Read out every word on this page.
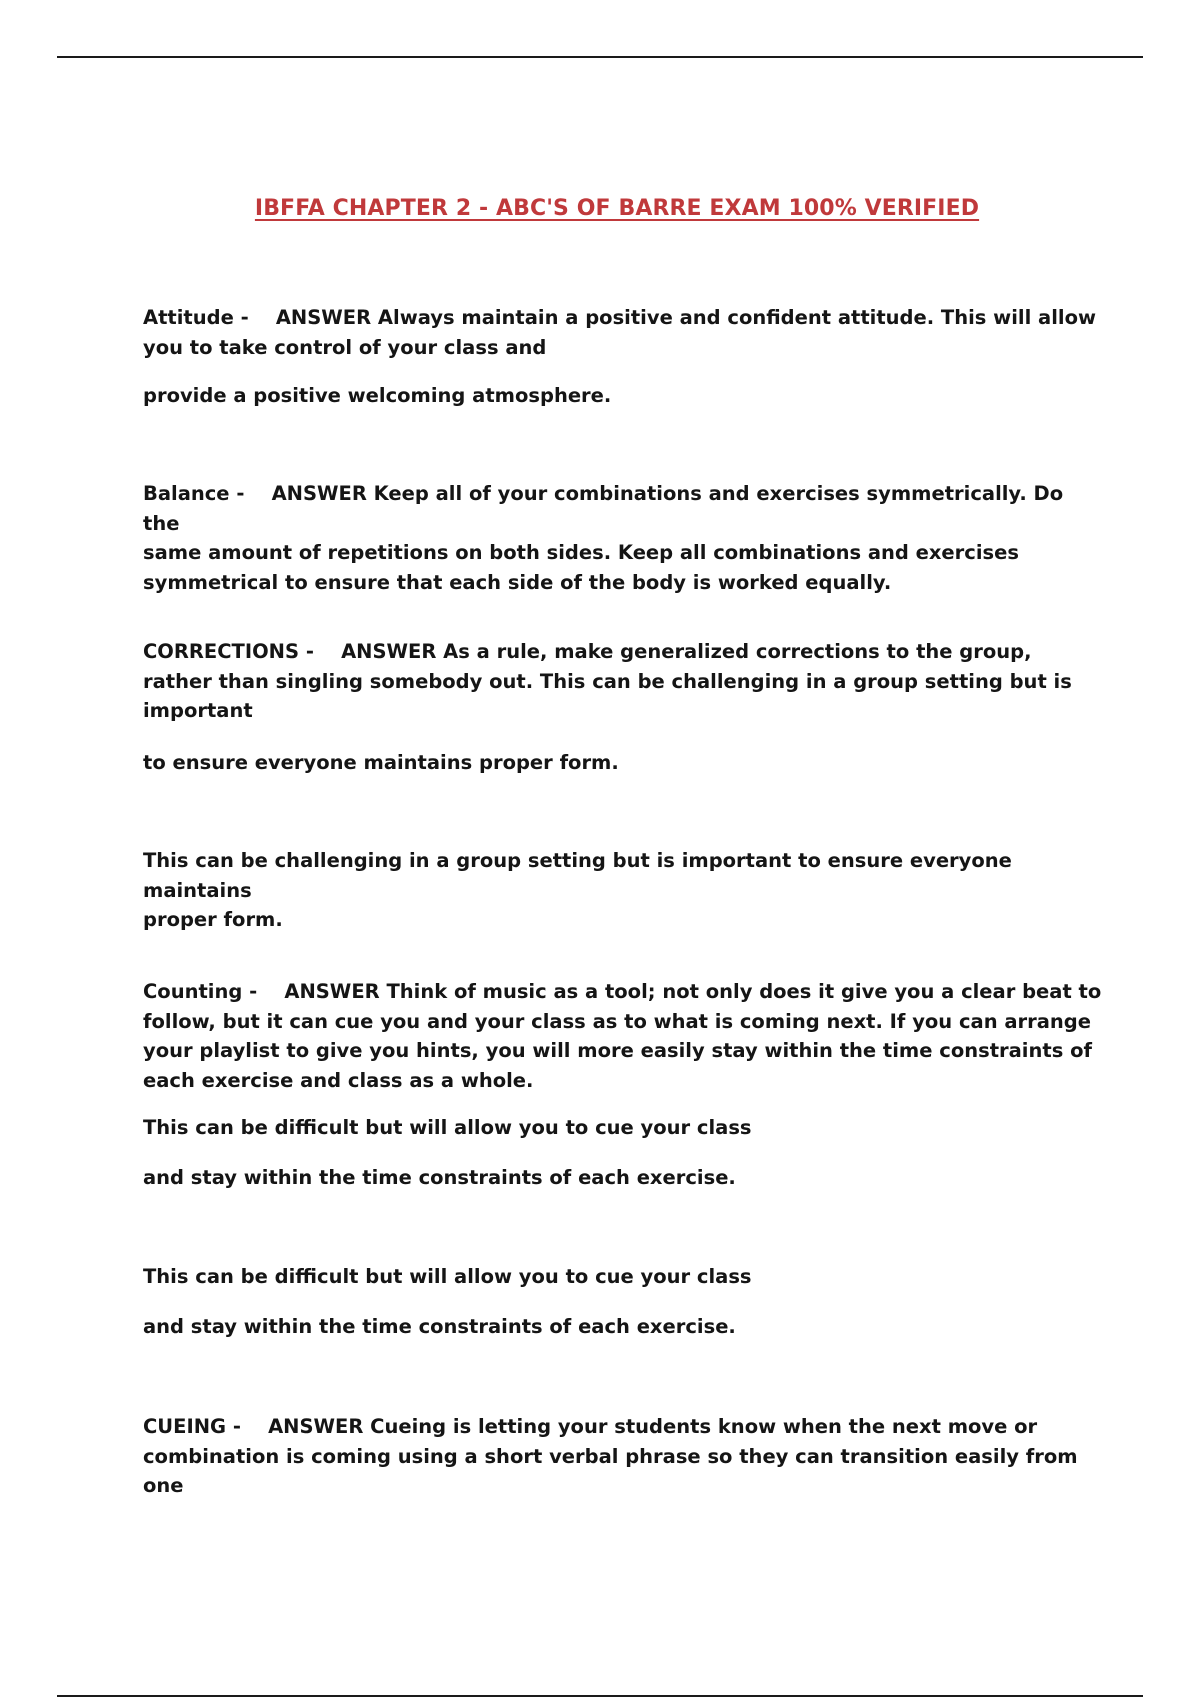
IBFFA CHAPTER 2 - ABC'S OF BARRE EXAM 100% VERIFIED

Attitude -    ANSWER Always maintain a positive and confident attitude. This will allow
you to take control of your class and

provide a positive welcoming atmosphere.

Balance -    ANSWER Keep all of your combinations and exercises symmetrically. Do the
same amount of repetitions on both sides. Keep all combinations and exercises
symmetrical to ensure that each side of the body is worked equally.

CORRECTIONS -    ANSWER As a rule, make generalized corrections to the group,
rather than singling somebody out. This can be challenging in a group setting but is
important

to ensure everyone maintains proper form.

This can be challenging in a group setting but is important to ensure everyone maintains
proper form.

Counting -    ANSWER Think of music as a tool; not only does it give you a clear beat to
follow, but it can cue you and your class as to what is coming next. If you can arrange
your playlist to give you hints, you will more easily stay within the time constraints of
each exercise and class as a whole.

This can be difficult but will allow you to cue your class

and stay within the time constraints of each exercise.

This can be difficult but will allow you to cue your class

and stay within the time constraints of each exercise.

CUEING -    ANSWER Cueing is letting your students know when the next move or
combination is coming using a short verbal phrase so they can transition easily from one
